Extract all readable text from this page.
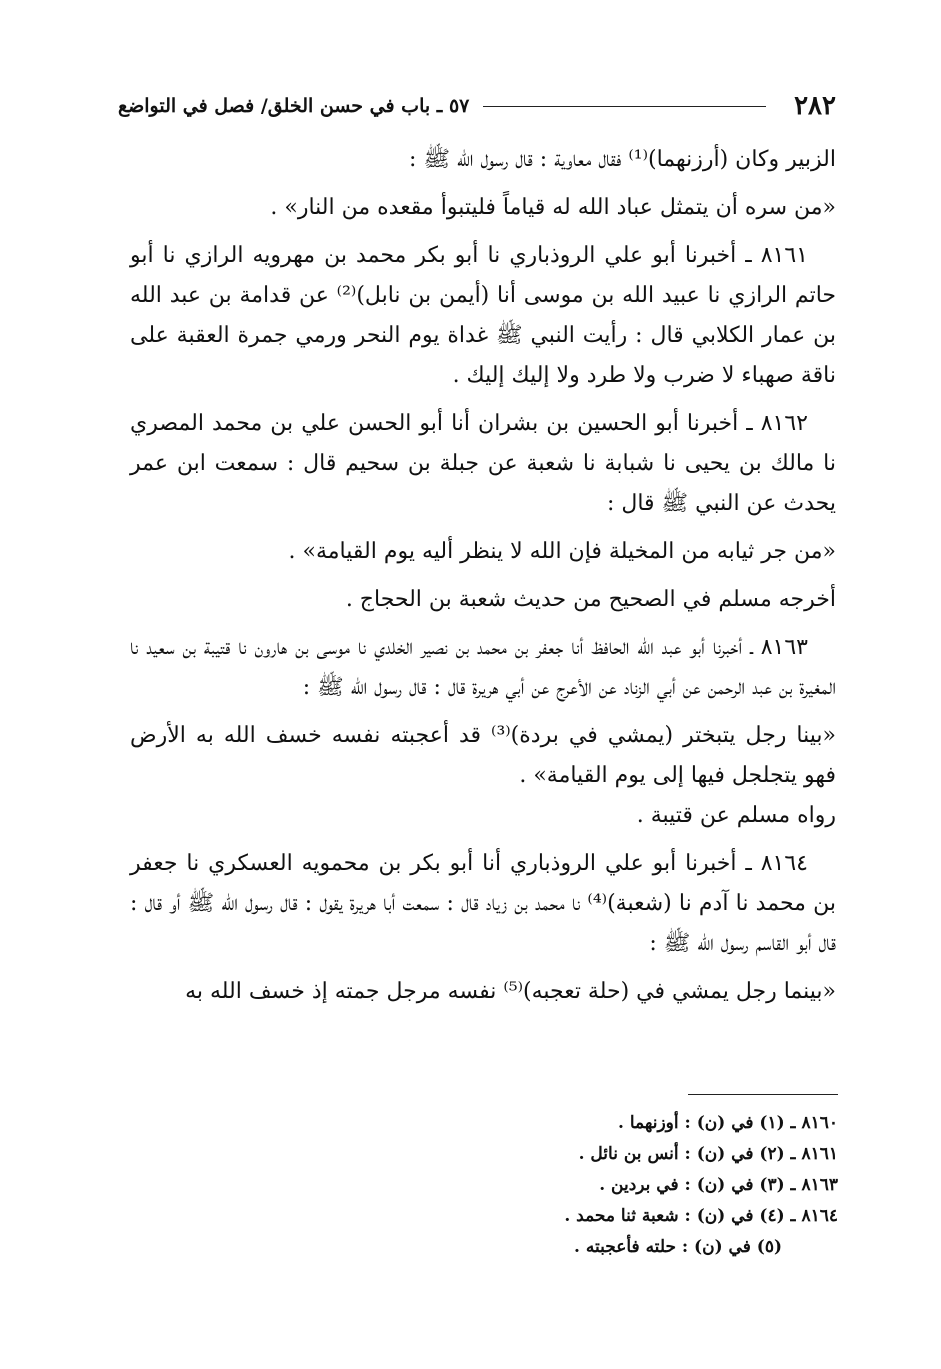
٢٨٢
٥٧ ـ باب في حسن الخلق/ فصل في التواضع

الزبير وكان (أرزنهما)⁽¹⁾ فقال معاوية : قال رسول الله ﷺ :

«من سره أن يتمثل عباد الله له قياماً فليتبوأ مقعده من النار» .

٨١٦١ ـ أخبرنا أبو علي الروذباري نا أبو بكر محمد بن مهرويه الرازي نا أبو حاتم الرازي نا عبيد الله بن موسى أنا (أيمن بن نابل)⁽²⁾ عن قدامة بن عبد الله بن عمار الكلابي قال : رأيت النبي ﷺ غداة يوم النحر ورمي جمرة العقبة على ناقة صهباء لا ضرب ولا طرد ولا إليك إليك .

٨١٦٢ ـ أخبرنا أبو الحسين بن بشران أنا أبو الحسن علي بن محمد المصري نا مالك بن يحيى نا شبابة نا شعبة عن جبلة بن سحيم قال : سمعت ابن عمر يحدث عن النبي ﷺ قال :

«من جر ثيابه من المخيلة فإن الله لا ينظر أليه يوم القيامة» .

أخرجه مسلم في الصحيح من حديث شعبة بن الحجاج .

٨١٦٣ ـ أخبرنا أبو عبد الله الحافظ أنا جعفر بن محمد بن نصير الخلدي نا موسى بن هارون نا قتيبة بن سعيد نا المغيرة بن عبد الرحمن عن أبي الزناد عن الأعرج عن أبي هريرة قال : قال رسول الله ﷺ :

«بينا رجل يتبختر (يمشي في بردة)⁽³⁾ قد أعجبته نفسه خسف الله به الأرض فهو يتجلجل فيها إلى يوم القيامة» .

رواه مسلم عن قتيبة .

٨١٦٤ ـ أخبرنا أبو علي الروذباري أنا أبو بكر بن محمويه العسكري نا جعفر بن محمد نا آدم نا (شعبة)⁽⁴⁾ نا محمد بن زياد قال : سمعت أبا هريرة يقول : قال رسول الله ﷺ أو قال : قال أبو القاسم رسول الله ﷺ :

«بينما رجل يمشي في (حلة تعجبه)⁽⁵⁾ نفسه مرجل جمته إذ خسف الله به

٨١٦٠ ـ (١) في (ن) : أوزنهما .
٨١٦١ ـ (٢) في (ن) : أنس بن نائل .
٨١٦٣ ـ (٣) في (ن) : في بردين .
٨١٦٤ ـ (٤) في (ن) : شعبة ثنا محمد .
(٥) في (ن) : حلته فأعجبته .
